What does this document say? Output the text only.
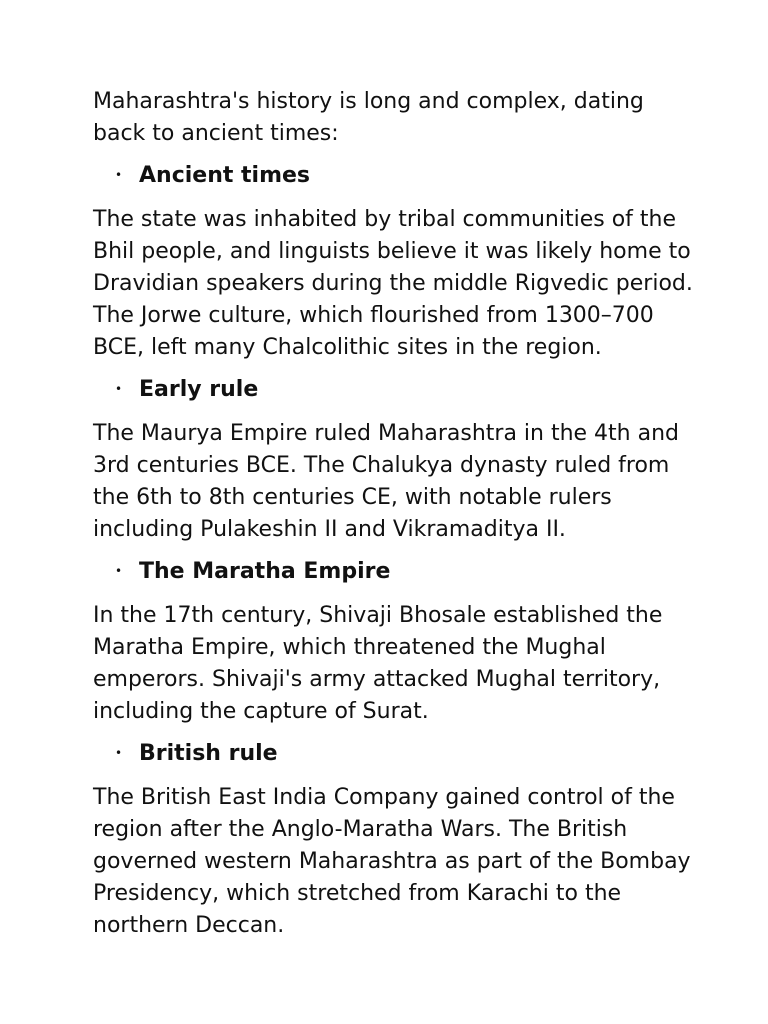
Maharashtra's history is long and complex, dating back to ancient times:

• Ancient times

The state was inhabited by tribal communities of the Bhil people, and linguists believe it was likely home to Dravidian speakers during the middle Rigvedic period. The Jorwe culture, which flourished from 1300–700 BCE, left many Chalcolithic sites in the region.

• Early rule

The Maurya Empire ruled Maharashtra in the 4th and 3rd centuries BCE. The Chalukya dynasty ruled from the 6th to 8th centuries CE, with notable rulers including Pulakeshin II and Vikramaditya II.

• The Maratha Empire

In the 17th century, Shivaji Bhosale established the Maratha Empire, which threatened the Mughal emperors. Shivaji's army attacked Mughal territory, including the capture of Surat.

• British rule

The British East India Company gained control of the region after the Anglo-Maratha Wars. The British governed western Maharashtra as part of the Bombay Presidency, which stretched from Karachi to the northern Deccan.
